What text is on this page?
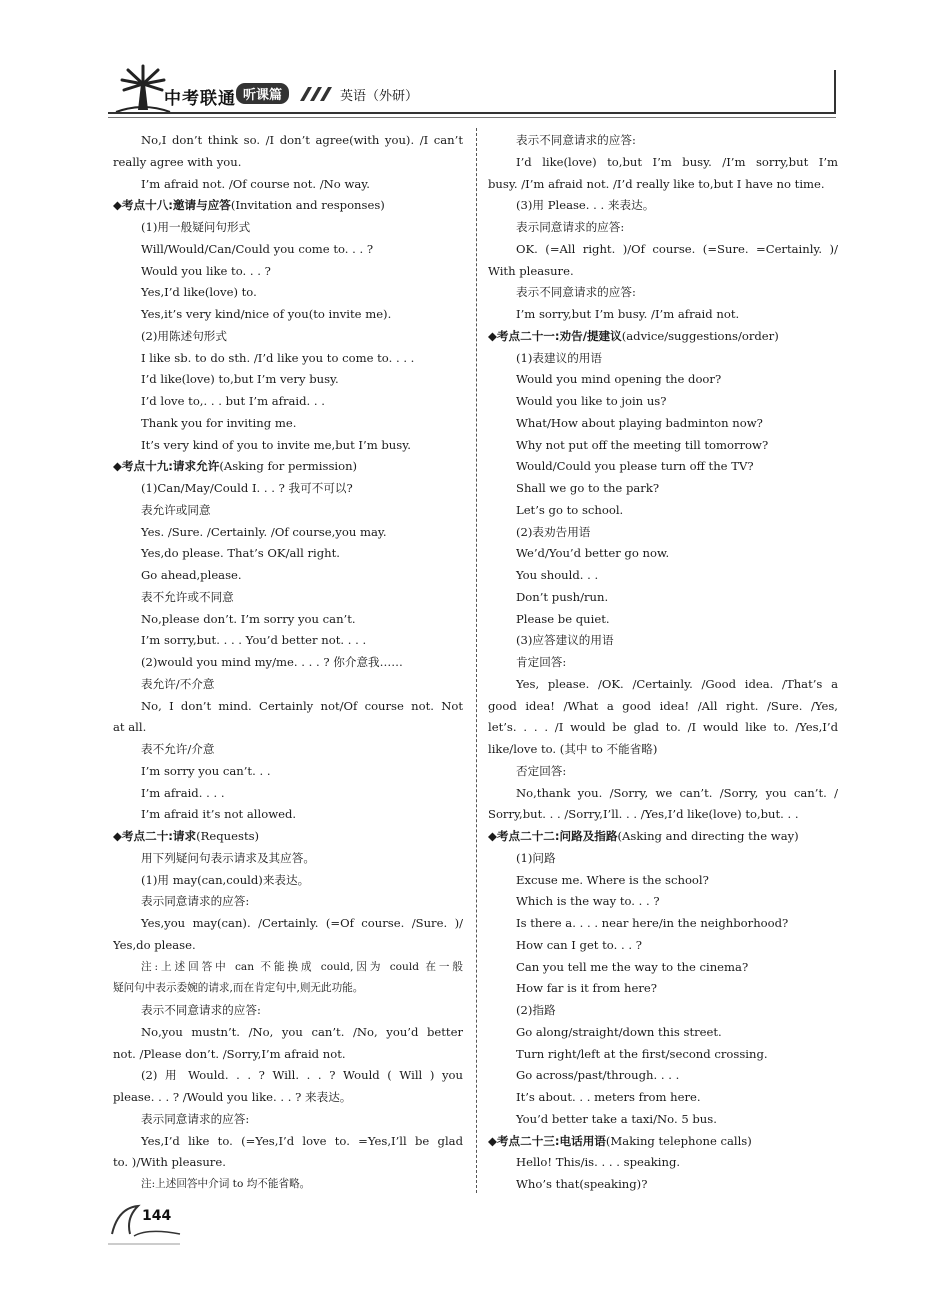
中考联通 听课篇	英语（外研）
No,I don’t think so. /I don’t agree(with you). /I can’t
really agree with you.
I’m afraid not. /Of course not. /No way.
◆考点十八:邀请与应答(Invitation and responses)
(1)用一般疑问句形式
Will/Would/Can/Could you come to. . . ?
Would you like to. . . ?
Yes,I’d like(love) to.
Yes,it’s very kind/nice of you(to invite me).
(2)用陈述句形式
I like sb. to do sth. /I’d like you to come to. . . .
I’d like(love) to,but I’m very busy.
I’d love to,. . . but I’m afraid. . .
Thank you for inviting me.
It’s very kind of you to invite me,but I’m busy.
◆考点十九:请求允许(Asking for permission)
(1)Can/May/Could I. . . ? 我可不可以?
表允许或同意
Yes. /Sure. /Certainly. /Of course,you may.
Yes,do please. That’s OK/all right.
Go ahead,please.
表不允许或不同意
No,please don’t. I’m sorry you can’t.
I’m sorry,but. . . . You’d better not. . . .
(2)would you mind my/me. . . . ? 你介意我……
表允许/不介意
No, I don’t mind. Certainly not/Of course not. Not
at all.
表不允许/介意
I’m sorry you can’t. . .
I’m afraid. . . .
I’m afraid it’s not allowed.
◆考点二十:请求(Requests)
用下列疑问句表示请求及其应答。
(1)用 may(can,could)来表达。
表示同意请求的应答:
Yes,you may(can). /Certainly. (=Of course. /Sure. )/
Yes,do please.
注:上述回答中 can 不能换成 could,因为 could 在一般
疑问句中表示委婉的请求,而在肯定句中,则无此功能。
表示不同意请求的应答:
No,you mustn’t. /No, you can’t. /No, you’d better
not. /Please don’t. /Sorry,I’m afraid not.
(2) 用 Would. . . ? Will. . . ? Would ( Will ) you
please. . . ? /Would you like. . . ? 来表达。
表示同意请求的应答:
Yes,I’d like to. (=Yes,I’d love to. =Yes,I’ll be glad
to. )/With pleasure.
注:上述回答中介词 to 均不能省略。
表示不同意请求的应答:
I’d like(love) to,but I’m busy. /I’m sorry,but I’m
busy. /I’m afraid not. /I’d really like to,but I have no time.
(3)用 Please. . . 来表达。
表示同意请求的应答:
OK. (=All right. )/Of course. (=Sure. =Certainly. )/
With pleasure.
表示不同意请求的应答:
I’m sorry,but I’m busy. /I’m afraid not.
◆考点二十一:劝告/提建议(advice/suggestions/order)
(1)表建议的用语
Would you mind opening the door?
Would you like to join us?
What/How about playing badminton now?
Why not put off the meeting till tomorrow?
Would/Could you please turn off the TV?
Shall we go to the park?
Let’s go to school.
(2)表劝告用语
We’d/You’d better go now.
You should. . .
Don’t push/run.
Please be quiet.
(3)应答建议的用语
肯定回答:
Yes, please. /OK. /Certainly. /Good idea. /That’s a
good idea! /What a good idea! /All right. /Sure. /Yes,
let’s. . . . /I would be glad to. /I would like to. /Yes,I’d
like/love to. (其中 to 不能省略)
否定回答:
No,thank you. /Sorry, we can’t. /Sorry, you can’t. /
Sorry,but. . . /Sorry,I’ll. . . /Yes,I’d like(love) to,but. . .
◆考点二十二:问路及指路(Asking and directing the way)
(1)问路
Excuse me. Where is the school?
Which is the way to. . . ?
Is there a. . . . near here/in the neighborhood?
How can I get to. . . ?
Can you tell me the way to the cinema?
How far is it from here?
(2)指路
Go along/straight/down this street.
Turn right/left at the first/second crossing.
Go across/past/through. . . .
It’s about. . . meters from here.
You’d better take a taxi/No. 5 bus.
◆考点二十三:电话用语(Making telephone calls)
Hello! This/is. . . . speaking.
Who’s that(speaking)?
144
